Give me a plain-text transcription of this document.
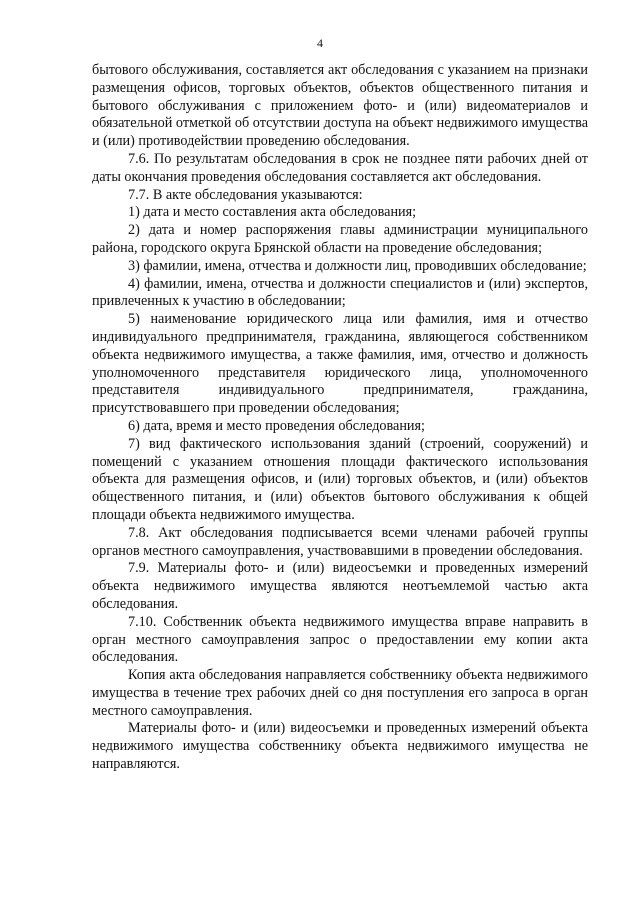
4

бытового обслуживания, составляется акт обследования с указанием на признаки размещения офисов, торговых объектов, объектов общественного питания и бытового обслуживания с приложением фото- и (или) видеоматериалов и обязательной отметкой об отсутствии доступа на объект недвижимого имущества и (или) противодействии проведению обследования.

7.6. По результатам обследования в срок не позднее пяти рабочих дней от даты окончания проведения обследования составляется акт обследования.

7.7. В акте обследования указываются:

1) дата и место составления акта обследования;

2) дата и номер распоряжения главы администрации муниципального района, городского округа Брянской области на проведение обследования;

3) фамилии, имена, отчества и должности лиц, проводивших обследование;

4) фамилии, имена, отчества и должности специалистов и (или) экспертов, привлеченных к участию в обследовании;

5) наименование юридического лица или фамилия, имя и отчество индивидуального предпринимателя, гражданина, являющегося собственником объекта недвижимого имущества, а также фамилия, имя, отчество и должность уполномоченного представителя юридического лица, уполномоченного представителя индивидуального предпринимателя, гражданина, присутствовавшего при проведении обследования;

6) дата, время и место проведения обследования;

7) вид фактического использования зданий (строений, сооружений) и помещений с указанием отношения площади фактического использования объекта для размещения офисов, и (или) торговых объектов, и (или) объектов общественного питания, и (или) объектов бытового обслуживания к общей площади объекта недвижимого имущества.

7.8. Акт обследования подписывается всеми членами рабочей группы органов местного самоуправления, участвовавшими в проведении обследования.

7.9. Материалы фото- и (или) видеосъемки и проведенных измерений объекта недвижимого имущества являются неотъемлемой частью акта обследования.

7.10. Собственник объекта недвижимого имущества вправе направить в орган местного самоуправления запрос о предоставлении ему копии акта обследования.

Копия акта обследования направляется собственнику объекта недвижимого имущества в течение трех рабочих дней со дня поступления его запроса в орган местного самоуправления.

Материалы фото- и (или) видеосъемки и проведенных измерений объекта недвижимого имущества собственнику объекта недвижимого имущества не направляются.
